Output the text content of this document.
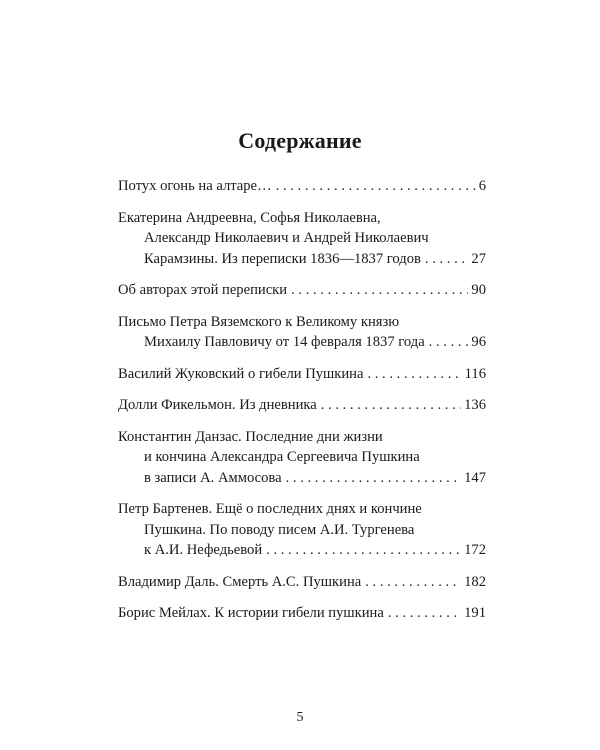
Содержание
Потух огонь на алтаре… . . .	6
Екатерина Андреевна, Софья Николаевна,
Александр Николаевич и Андрей Николаевич
Карамзины. Из переписки 1836—1837 годов . . .	27
Об авторах этой переписки . . .	90
Письмо Петра Вяземского к Великому князю
Михаилу Павловичу от 14 февраля 1837 года . . .	96
Василий Жуковский о гибели Пушкина . . .	116
Долли Фикельмон. Из дневника . . .	136
Константин Данзас. Последние дни жизни
и кончина Александра Сергеевича Пушкина
в записи А. Аммосова . . .	147
Петр Бартенев. Ещё о последних днях и кончине
Пушкина. По поводу писем А.И. Тургенева
к А.И. Нефедьевой . . .	172
Владимир Даль. Смерть А.С. Пушкина . . .	182
Борис Мейлах. К истории гибели пушкина . . .	191
5
